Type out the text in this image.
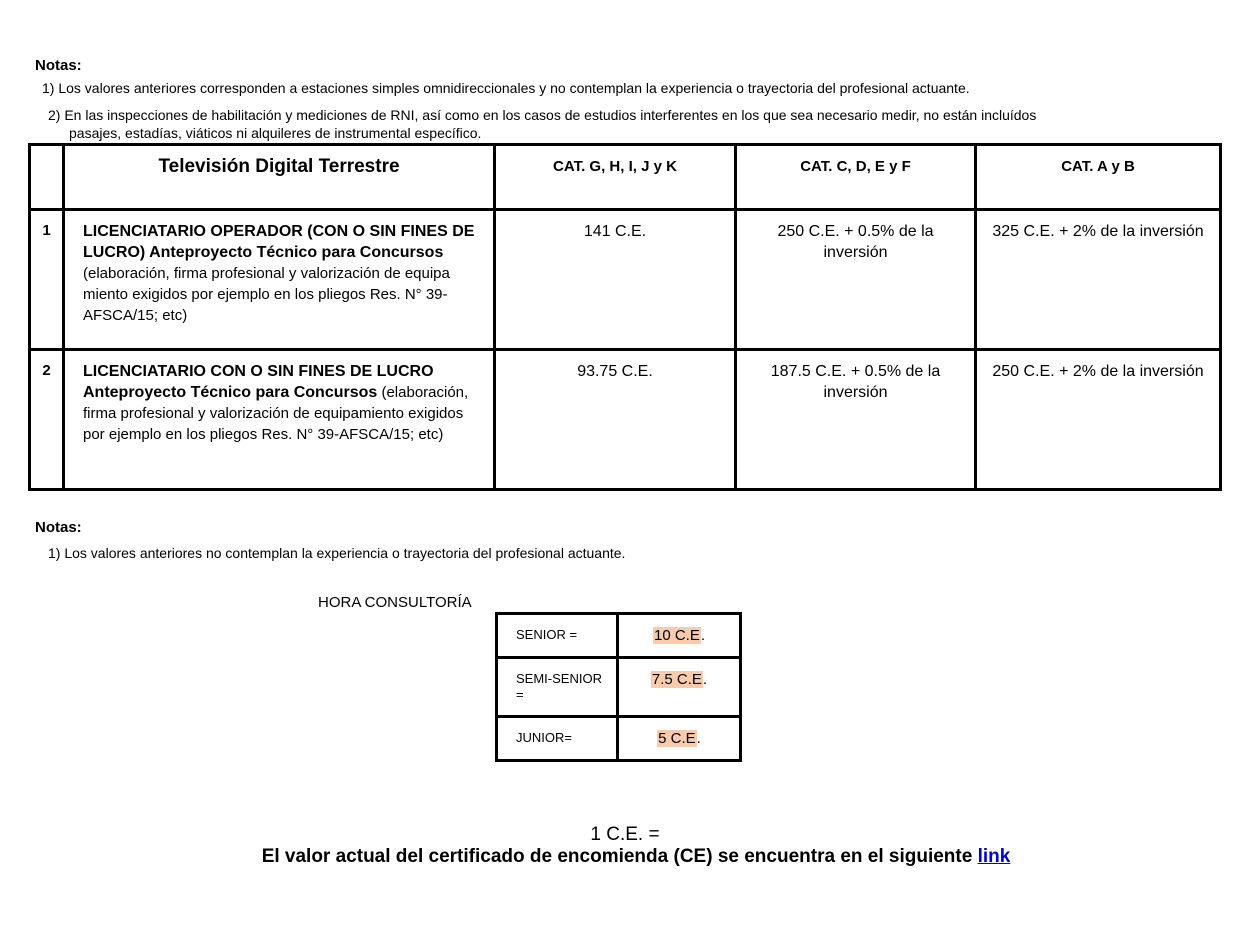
Notas:
1) Los valores anteriores corresponden a estaciones simples omnidireccionales y no contemplan la experiencia o trayectoria del profesional actuante.
2) En las inspecciones de habilitación y mediciones de RNI, así como en los casos de estudios interferentes en los que sea necesario medir, no están incluídos
pasajes, estadías, viáticos ni alquileres de instrumental específico.
	Televisión Digital Terrestre	CAT. G, H, I, J y K	CAT. C, D, E y F	CAT. A y B
1	LICENCIATARIO OPERADOR (CON O SIN FINES DE LUCRO) Anteproyecto Técnico para Concursos (elaboración, firma profesional y valorización de equipa miento exigidos por ejemplo en los pliegos Res. N° 39- AFSCA/15; etc)	141 C.E.	250 C.E. + 0.5% de la inversión	325 C.E. + 2% de la inversión
2	LICENCIATARIO CON O SIN FINES DE LUCRO Anteproyecto Técnico para Concursos (elaboración, firma profesional y valorización de equipamiento exigidos por ejemplo en los pliegos Res. N° 39-AFSCA/15; etc)	93.75 C.E.	187.5 C.E. + 0.5% de la inversión	250 C.E. + 2% de la inversión
Notas:
1) Los valores anteriores no contemplan la experiencia o trayectoria del profesional actuante.
HORA CONSULTORÍA
SENIOR =	10 C.E.
SEMI-SENIOR =	7.5 C.E.
JUNIOR=	5 C.E.
1 C.E. =
El valor actual del certificado de encomienda (CE) se encuentra en el siguiente link
